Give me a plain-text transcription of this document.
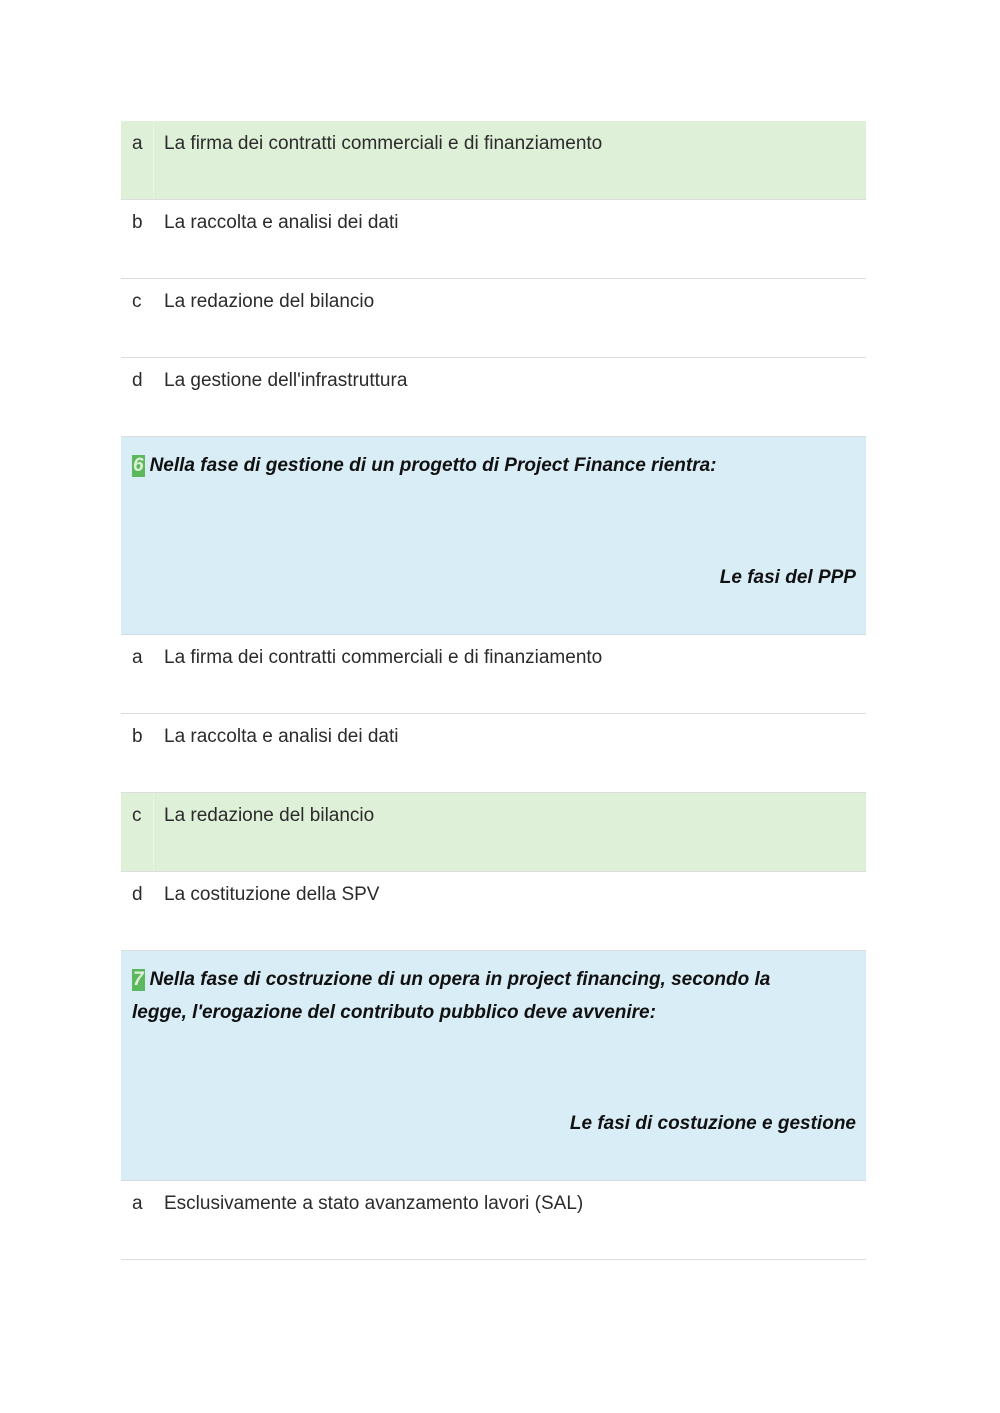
a	La firma dei contratti commerciali e di finanziamento
b	La raccolta e analisi dei dati
c	La redazione del bilancio
d	La gestione dell'infrastruttura
6 Nella fase di gestione di un progetto di Project Finance rientra:
Le fasi del PPP
a	La firma dei contratti commerciali e di finanziamento
b	La raccolta e analisi dei dati
c	La redazione del bilancio
d	La costituzione della SPV
7 Nella fase di costruzione di un opera in project financing, secondo la legge, l'erogazione del contributo pubblico deve avvenire:
Le fasi di costuzione e gestione
a	Esclusivamente a stato avanzamento lavori (SAL)
